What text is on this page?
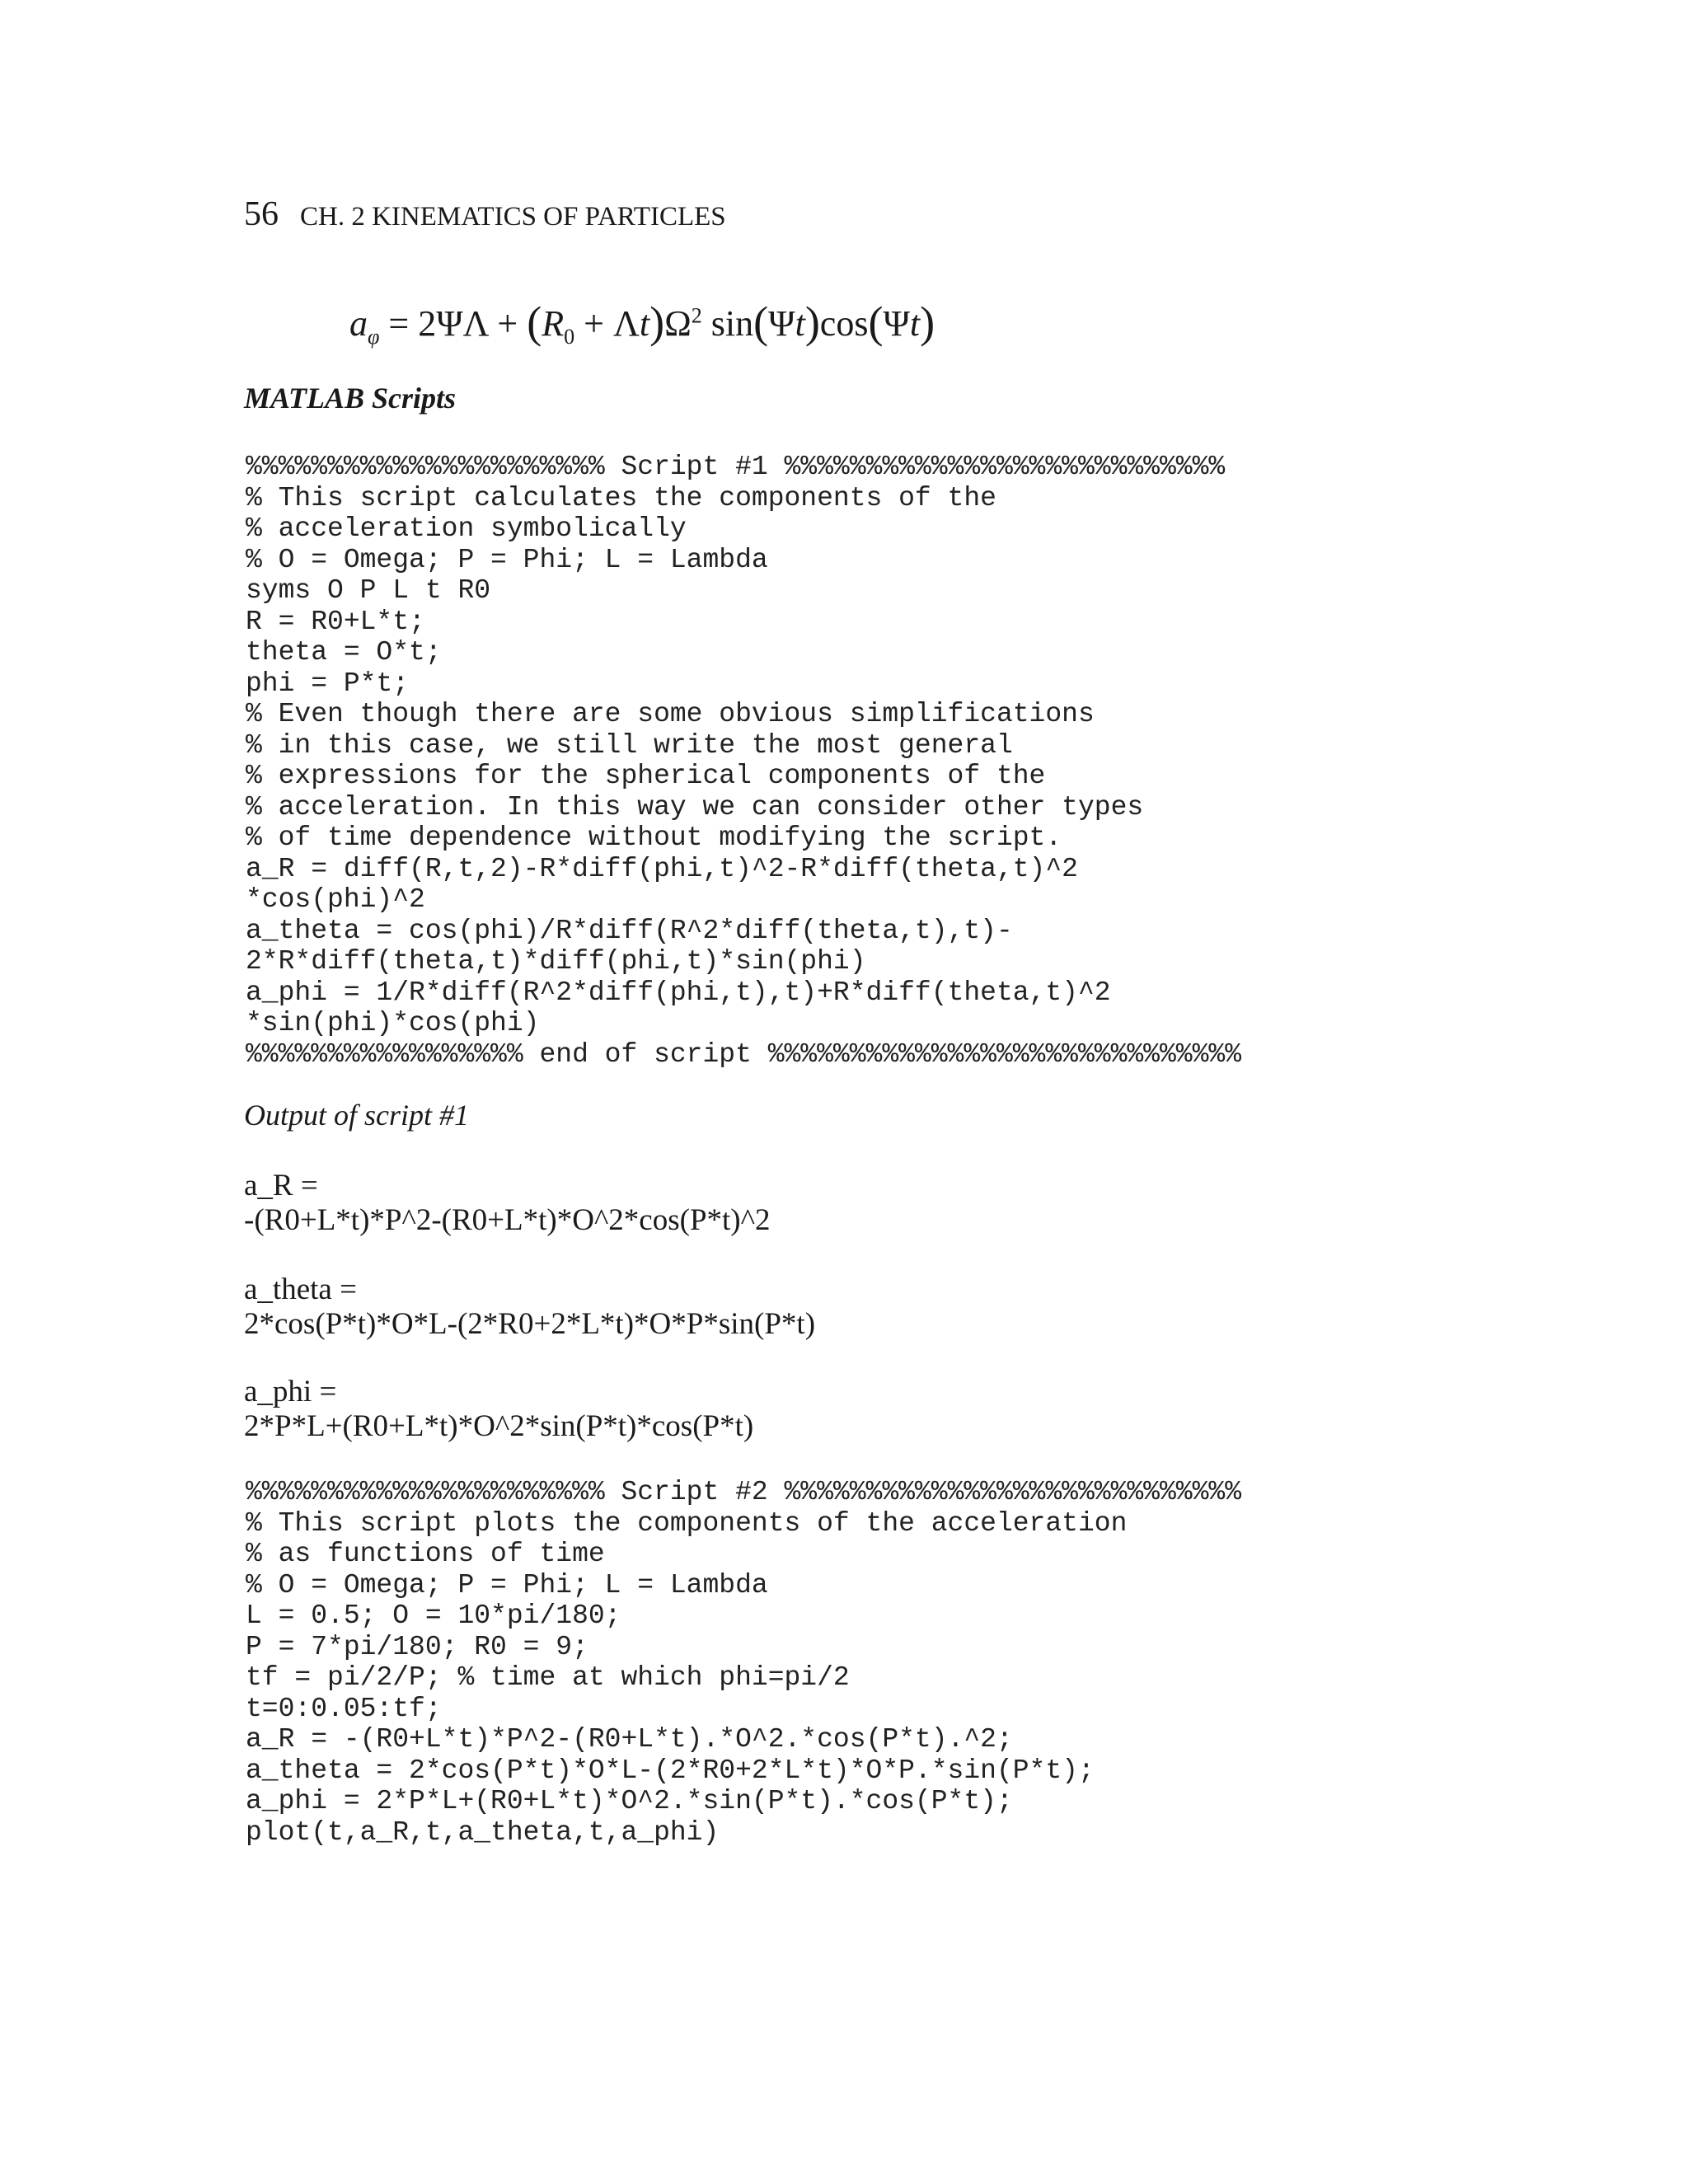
56 CH. 2 KINEMATICS OF PARTICLES
$a_\varphi = 2\Psi\Lambda + (R_0 + \Lambda t)\Omega^2$ sin(Ψt)cos(Ψt)
MATLAB Scripts
%%%%%%%%%%%%%%%%%%%%%% Script #1 %%%%%%%%%%%%%%%%%%%%%%%%%%%
% This script calculates the components of the
% acceleration symbolically
% O = Omega; P = Phi; L = Lambda
syms O P L t R0
R = R0+L*t;
theta = O*t;
phi = P*t;
% Even though there are some obvious simplifications
% in this case, we still write the most general
% expressions for the spherical components of the
% acceleration. In this way we can consider other types
% of time dependence without modifying the script.
a_R = diff(R,t,2)-R*diff(phi,t)^2-R*diff(theta,t)^2
*cos(phi)^2
a_theta = cos(phi)/R*diff(R^2*diff(theta,t),t)-
2*R*diff(theta,t)*diff(phi,t)*sin(phi)
a_phi = 1/R*diff(R^2*diff(phi,t),t)+R*diff(theta,t)^2
*sin(phi)*cos(phi)
%%%%%%%%%%%%%%%%% end of script %%%%%%%%%%%%%%%%%%%%%%%%%%%%%
Output of script #1
a_R =
-(R0+L*t)*P^2-(R0+L*t)*O^2*cos(P*t)^2
a_theta =
2*cos(P*t)*O*L-(2*R0+2*L*t)*O*P*sin(P*t)
a_phi =
2*P*L+(R0+L*t)*O^2*sin(P*t)*cos(P*t)
%%%%%%%%%%%%%%%%%%%%%% Script #2 %%%%%%%%%%%%%%%%%%%%%%%%%%%%
% This script plots the components of the acceleration
% as functions of time
% O = Omega; P = Phi; L = Lambda
L = 0.5; O = 10*pi/180;
P = 7*pi/180; R0 = 9;
tf = pi/2/P; % time at which phi=pi/2
t=0:0.05:tf;
a_R = -(R0+L*t)*P^2-(R0+L*t).*O^2.*cos(P*t).^2;
a_theta = 2*cos(P*t)*O*L-(2*R0+2*L*t)*O*P.*sin(P*t);
a_phi = 2*P*L+(R0+L*t)*O^2.*sin(P*t).*cos(P*t);
plot(t,a_R,t,a_theta,t,a_phi)
